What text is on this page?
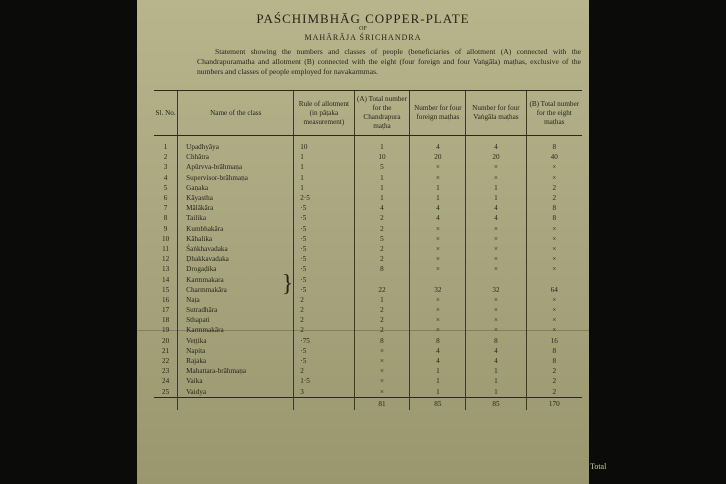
PAŚCHIMBHĀG COPPER-PLATE
OF
MAHĀRĀJA ŚRICHANDRA
Statement showing the numbers and classes of people (beneficiaries of allotment (A) connected with the Chandrapuramatha and allotment (B) connected with the eight (four foreign and four Vaṅgāla) maṭhas, exclusive of the numbers and classes of people employed for navakarmmas.
Sl. No.	Name of the class	Rule of allotment (in pāṭaka measurement)	(A) Total number for the Chandrapura maṭha	Number for four foreign maṭhas	Number for four Vaṅgāla maṭhas	(B) Total number for the eight maṭhas

1	Upadhyāya	10	1	4	4	8
2	Chhātra	1	10	20	20	40
3	Apūrvva-brāhmaṇa	1	5	×	×	×
4	Supervisor-brāhmaṇa	1	1	×	×	×
5	Gaṇaka	1	1	1	1	2
6	Kāyastha	2·5	1	1	1	2
7	Mālākāra	·5	4	4	4	8
8	Tailika	·5	2	4	4	8
9	Kumbhakāra	·5	2	×	×	×
10	Kāhalika	·5	5	×	×	×
11	Śaṅkhavadaka	·5	2	×	×	×
12	Ḍhakkavadaka	·5	2	×	×	×
13	Drogaḍika	·5	8	×	×	×
14	Karmmakara	·5				
15	Charmmakāra	·5	22	32	32	64
16	Naṭa	2	1	×	×	×
17	Sutradhāra	2	2	×	×	×
18	Sthapati	2	2	×	×	×
19	Karmmakāra	2	2	×	×	×
20	Veṭṭika	·75	8	8	8	16
21	Napita	·5	×	4	4	8
22	Rajaka	·5	×	4	4	8
23	Mahattara-brāhmaṇa	2	×	1	1	2
24	Vaika	1·5	×	1	1	2
25	Vaidya	3	×	1	1	2
			81	85	85	170
}
Total
